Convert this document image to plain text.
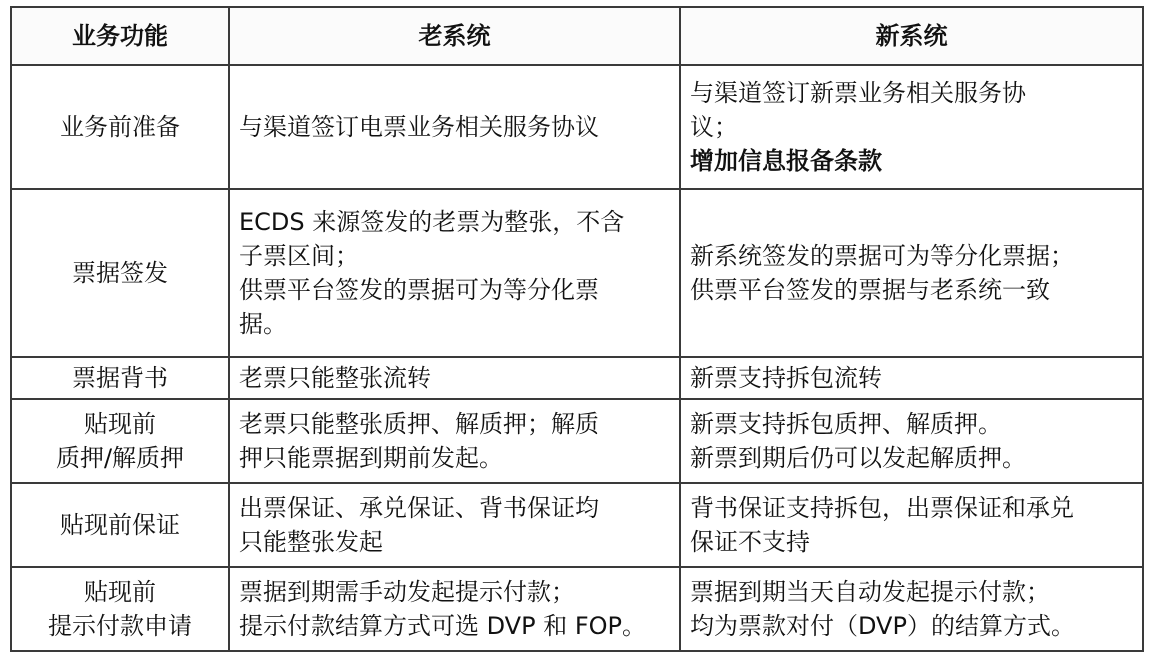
业务功能	老系统	新系统

业务前准备	与渠道签订电票业务相关服务协议	与渠道签订新票业务相关服务协
议；
增加信息报备条款

票据签发	ECDS 来源签发的老票为整张，不含
子票区间；
供票平台签发的票据可为等分化票
据。	新系统签发的票据可为等分化票据；
供票平台签发的票据与老系统一致

票据背书	老票只能整张流转	新票支持拆包流转

贴现前
质押/解质押	老票只能整张质押、解质押；解质
押只能票据到期前发起。	新票支持拆包质押、解质押。
新票到期后仍可以发起解质押。

贴现前保证	出票保证、承兑保证、背书保证均
只能整张发起	背书保证支持拆包，出票保证和承兑
保证不支持

贴现前
提示付款申请	票据到期需手动发起提示付款；
提示付款结算方式可选 DVP 和 FOP。	票据到期当天自动发起提示付款；
均为票款对付（DVP）的结算方式。
